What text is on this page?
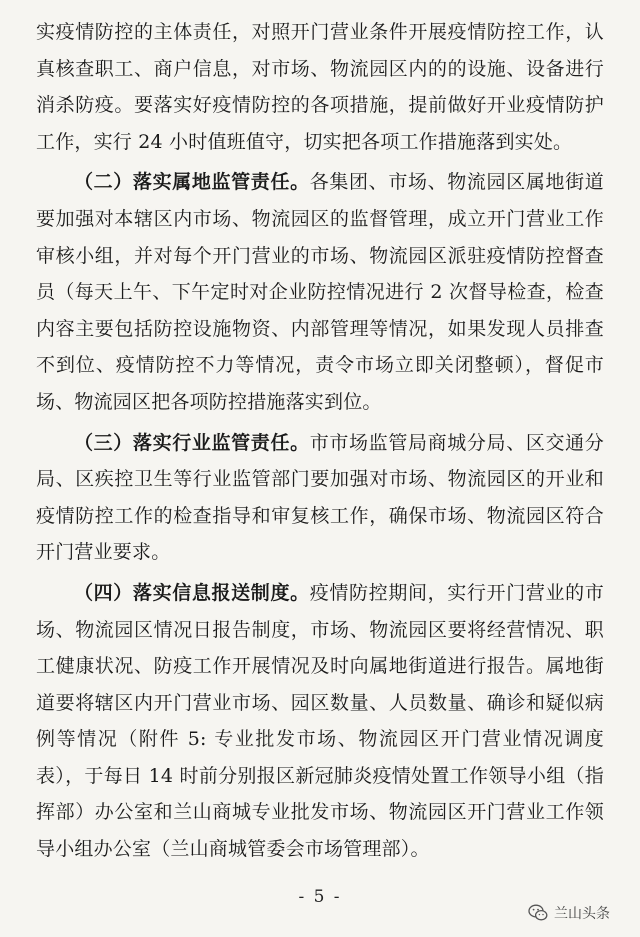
实疫情防控的主体责任，对照开门营业条件开展疫情防控工作，认真核查职工、商户信息，对市场、物流园区内的的设施、设备进行消杀防疫。要落实好疫情防控的各项措施，提前做好开业疫情防护工作，实行 24 小时值班值守，切实把各项工作措施落到实处。

（二）落实属地监管责任。各集团、市场、物流园区属地街道要加强对本辖区内市场、物流园区的监督管理，成立开门营业工作审核小组，并对每个开门营业的市场、物流园区派驻疫情防控督查员（每天上午、下午定时对企业防控情况进行 2 次督导检查，检查内容主要包括防控设施物资、内部管理等情况，如果发现人员排查不到位、疫情防控不力等情况，责令市场立即关闭整顿），督促市场、物流园区把各项防控措施落实到位。

（三）落实行业监管责任。市市场监管局商城分局、区交通分局、区疾控卫生等行业监管部门要加强对市场、物流园区的开业和疫情防控工作的检查指导和审复核工作，确保市场、物流园区符合开门营业要求。

（四）落实信息报送制度。疫情防控期间，实行开门营业的市场、物流园区情况日报告制度，市场、物流园区要将经营情况、职工健康状况、防疫工作开展情况及时向属地街道进行报告。属地街道要将辖区内开门营业市场、园区数量、人员数量、确诊和疑似病例等情况（附件 5: 专业批发市场、物流园区开门营业情况调度表），于每日 14 时前分别报区新冠肺炎疫情处置工作领导小组（指挥部）办公室和兰山商城专业批发市场、物流园区开门营业工作领导小组办公室（兰山商城管委会市场管理部）。

- 5 -
兰山头条
